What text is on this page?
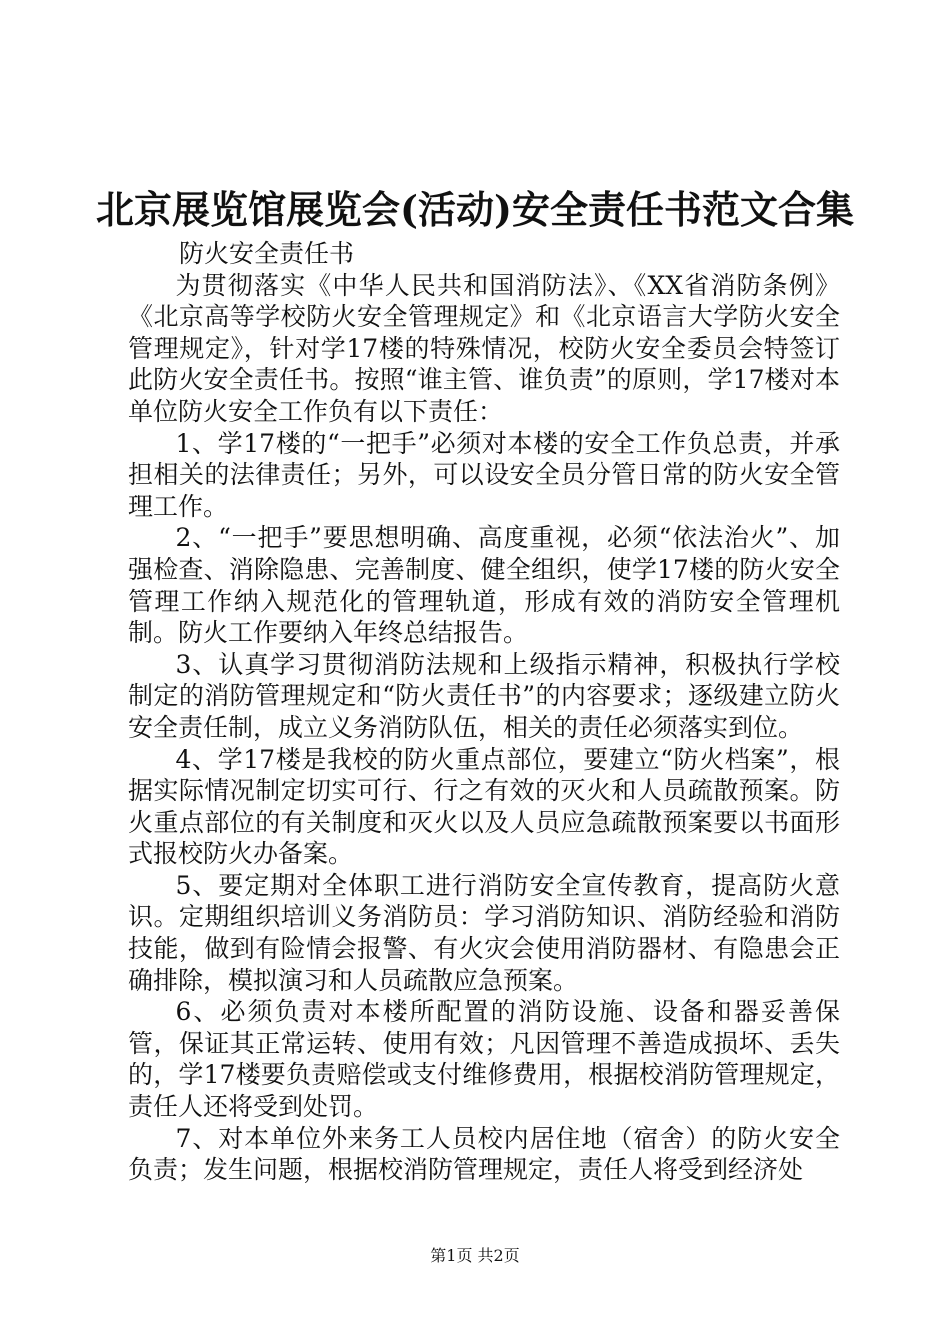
北京展览馆展览会(活动)安全责任书范文合集

防火安全责任书

为贯彻落实《中华人民共和国消防法》、《XX省消防条例》《北京高等学校防火安全管理规定》和《北京语言大学防火安全管理规定》，针对学17楼的特殊情况，校防火安全委员会特签订此防火安全责任书。按照“谁主管、谁负责”的原则，学17楼对本单位防火安全工作负有以下责任：

1、学17楼的“一把手”必须对本楼的安全工作负总责，并承担相关的法律责任；另外，可以设安全员分管日常的防火安全管理工作。

2、“一把手”要思想明确、高度重视，必须“依法治火”、加强检查、消除隐患、完善制度、健全组织，使学17楼的防火安全管理工作纳入规范化的管理轨道，形成有效的消防安全管理机制。防火工作要纳入年终总结报告。

3、认真学习贯彻消防法规和上级指示精神，积极执行学校制定的消防管理规定和“防火责任书”的内容要求；逐级建立防火安全责任制，成立义务消防队伍，相关的责任必须落实到位。

4、学17楼是我校的防火重点部位，要建立“防火档案”，根据实际情况制定切实可行、行之有效的灭火和人员疏散预案。防火重点部位的有关制度和灭火以及人员应急疏散预案要以书面形式报校防火办备案。

5、要定期对全体职工进行消防安全宣传教育，提高防火意识。定期组织培训义务消防员：学习消防知识、消防经验和消防技能，做到有险情会报警、有火灾会使用消防器材、有隐患会正确排除，模拟演习和人员疏散应急预案。

6、必须负责对本楼所配置的消防设施、设备和器妥善保管，保证其正常运转、使用有效；凡因管理不善造成损坏、丢失的，学17楼要负责赔偿或支付维修费用，根据校消防管理规定，责任人还将受到处罚。

7、对本单位外来务工人员校内居住地（宿舍）的防火安全负责；发生问题，根据校消防管理规定，责任人将受到经济处

第1页 共2页
